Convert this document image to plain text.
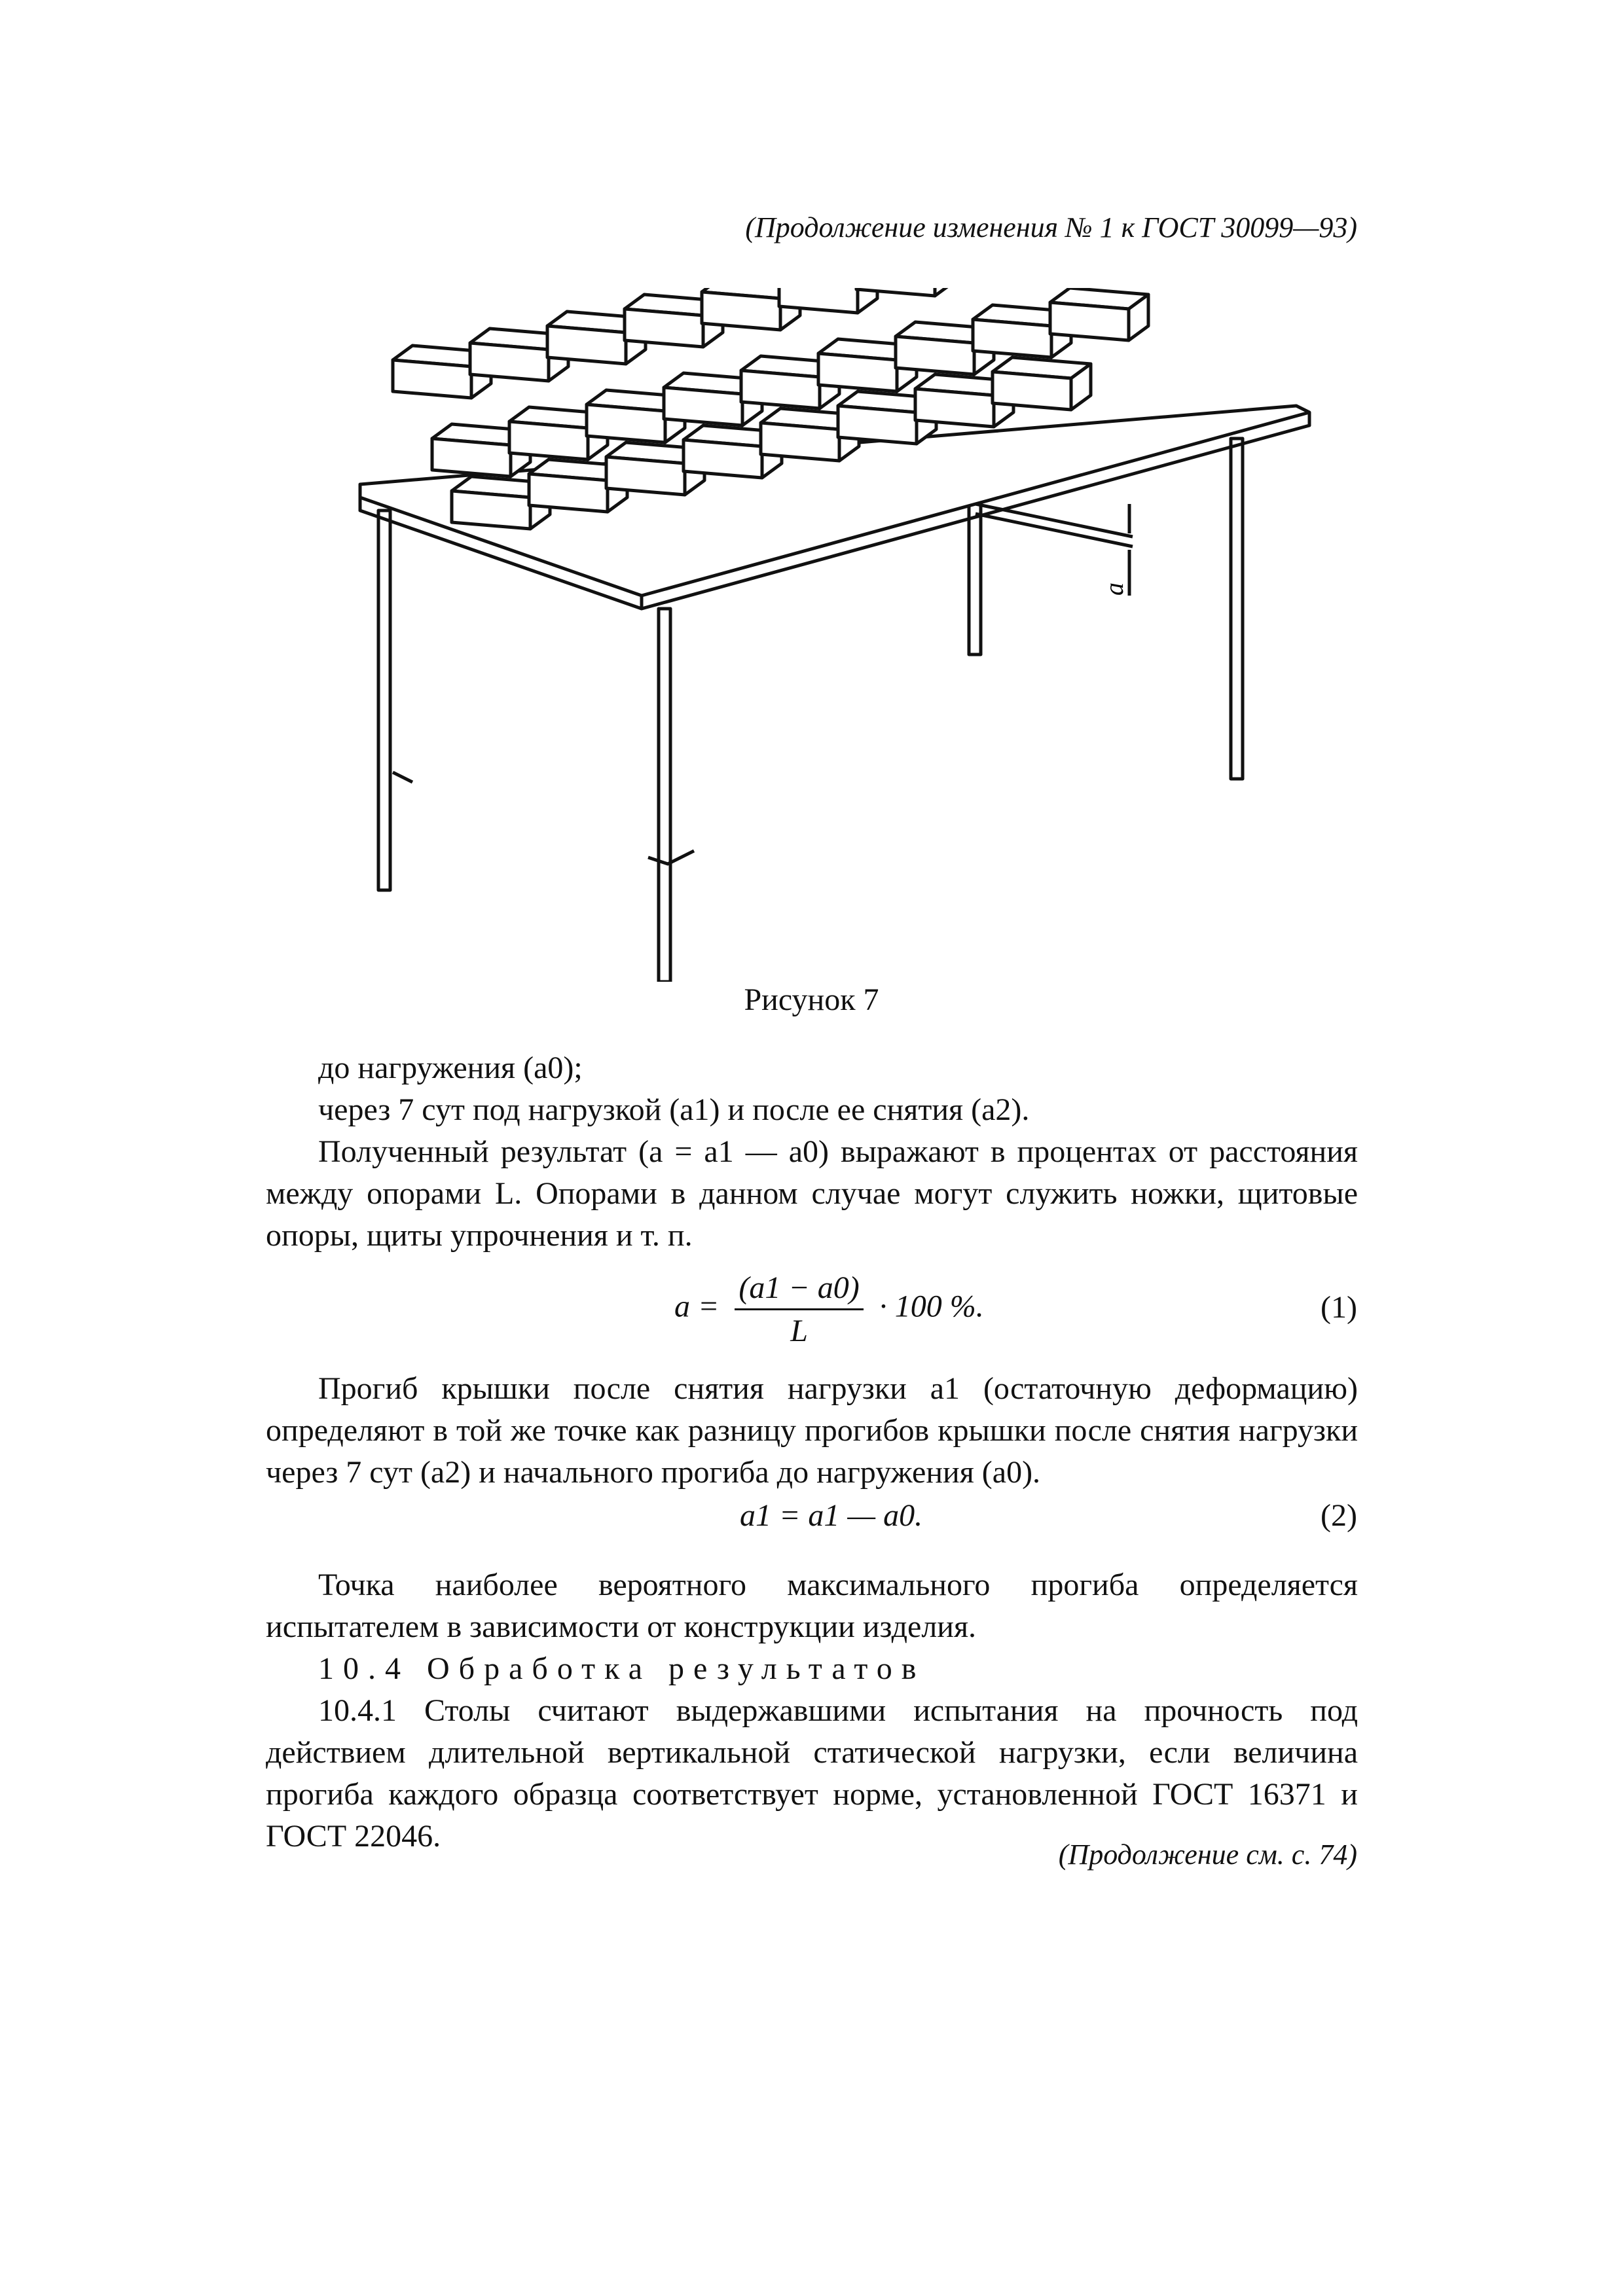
(Продолжение изменения № 1 к ГОСТ 30099—93)
a
Рисунок 7

до нагружения (a0);

через 7 сут под нагрузкой (a1) и после ее снятия (a2).

Полученный результат (a = a1 — a0) выражают в процентах от расстояния между опорами L. Опорами в данном случае могут служить ножки, щитовые опоры, щиты упрочнения и т. п.

$a = \frac{(a1 - a0)}{L} \cdot 100$ %.	(1)

Прогиб крышки после снятия нагрузки a1 (остаточную деформацию) определяют в той же точке как разницу прогибов крышки после снятия нагрузки через 7 сут (a2) и начального прогиба до нагружения (a0).

a1 = a1 — a0.	(2)

Точка наиболее вероятного максимального прогиба определяется испытателем в зависимости от конструкции изделия.

10.4 Обработка результатов

10.4.1 Столы считают выдержавшими испытания на прочность под действием длительной вертикальной статической нагрузки, если величина прогиба каждого образца соответствует норме, установленной ГОСТ 16371 и ГОСТ 22046.

(Продолжение см. с. 74)
